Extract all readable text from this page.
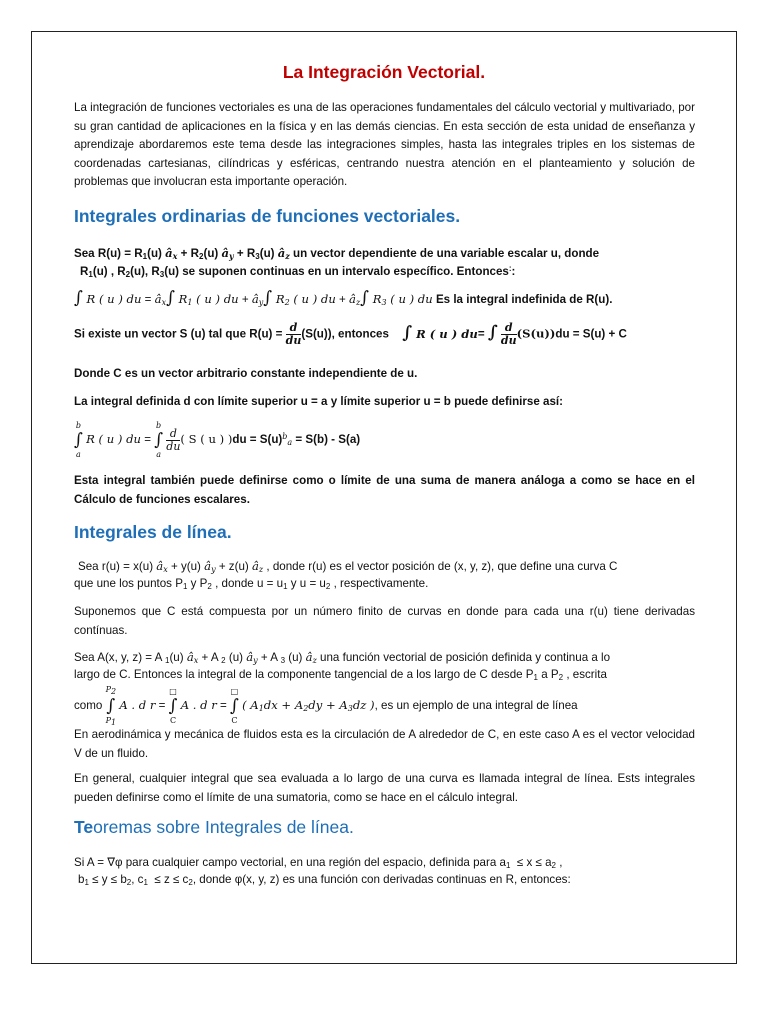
La Integración Vectorial.

La integración de funciones vectoriales es una de las operaciones fundamentales del cálculo vectorial y multivariado, por su gran cantidad de aplicaciones en la física y en las demás ciencias. En esta sección de esta unidad de enseñanza y aprendizaje abordaremos este tema desde las integraciones simples, hasta las integrales triples en los sistemas de coordenadas cartesianas, cilíndricas y esféricas, centrando nuestra atención en el planteamiento y solución de problemas que involucran esta importante operación.

Integrales ordinarias de funciones vectoriales.
Sea $R(u) = R_1(u)$ $â_x + R_2(u)$ $â_y + R_3(u)$ $â_z$ un vector dependiente de una variable escalar u, donde
$R_1(u)$ , $R_2(u)$, $R_3(u)$ se suponen continuas en un intervalo específico. Entonces::
∫ R ( u ) du = $â_x\int$ $R_1$ ( u ) du + $â_y\int$ $R_2$ ( u ) du + $â_z\int$ $R_3$ ( u ) du Es la integral indefinida de R(u).
Si existe un vector S (u) tal que $R(u) = \frac{d}{du} (S(u))$, entonces ∫ R ( u ) du= ∫ $\frac{d}{du} (S(u))du = S(u) + C$
Donde C es un vector arbitrario constante independiente de u.
La integral definida d con límite superior u = a y límite superior u = b puede definirse así:
b
∫
a
R ( u ) du =
b
∫
a

$\frac{d}{du}$ ( S ( u ) )$du = S(u)^b_a = S(b) - S(a)$

Esta integral también puede definirse como o límite de una suma de manera análoga a como se hace en el Cálculo de funciones escalares.

Integrales de línea.
Sea r(u) = x(u) $â_x + y(u)$ $â_y + z(u)$ $â_z$ , donde r(u) es el vector posición de (x, y, z), que define una curva C
que une los puntos $P_1$ y $P_2$ , donde $u = u_1$ y $u = u_2$ , respectivamente.

Suponemos que C está compuesta por un número finito de curvas en donde para cada una r(u) tiene derivadas contínuas.

Sea A(x, y, z) = A $_1$(u) $â_x + A$ $_2$ (u) $â_y + A$ $_3$ (u) $â_z$ una función vectorial de posición definida y continua a lo
largo de C. Entonces la integral de la componente tangencial de a los largo de C desde $P_1$ a $P_2$ , escrita
como
P2
∫
P1
A . d r =
□
∫
C
A . d r =
□
∫
C
( $A_1dx + A_2dy + A_3dz$ ), es un ejemplo de una integral de línea

En aerodinámica y mecánica de fluidos esta es la circulación de A alrededor de C, en este caso A es el vector velocidad V de un fluido.

En general, cualquier integral que sea evaluada a lo largo de una curva es llamada integral de línea. Ests integrales pueden definirse como el límite de una sumatoria, como se hace en el cálculo integral.

Teoremas sobre Integrales de línea.
Si A = ∇φ para cualquier campo vectorial, en una región del espacio, definida para $a_1 \le x \le a_2$ ,
$b_1 \le y \le b_2$, $c_1 \le z \le c_2$, donde φ(x, y, z) es una función con derivadas continuas en R, entonces:
